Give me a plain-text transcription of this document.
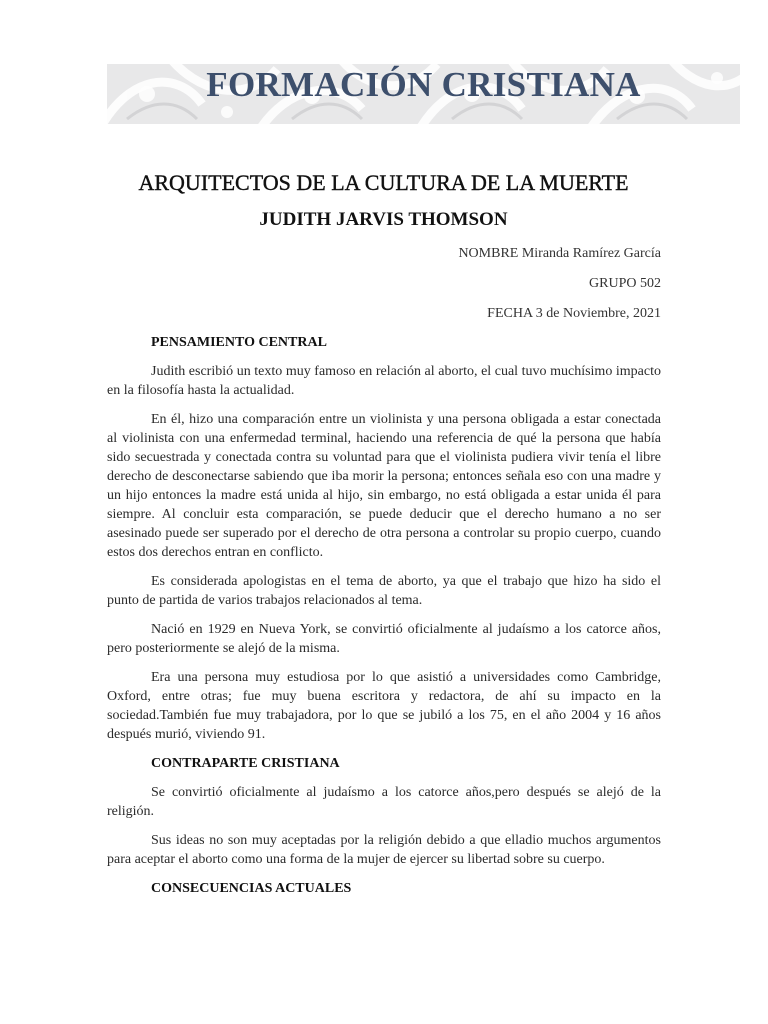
FORMACIÓN CRISTIANA
ARQUITECTOS DE LA CULTURA DE LA MUERTE
JUDITH JARVIS THOMSON
NOMBRE Miranda Ramírez García
GRUPO 502
FECHA 3 de Noviembre, 2021
PENSAMIENTO CENTRAL

Judith escribió un texto muy famoso en relación al aborto, el cual tuvo muchísimo impacto en la filosofía hasta la actualidad.

En él, hizo una comparación entre un violinista y una persona obligada a estar conectada al violinista con una enfermedad terminal, haciendo una referencia de qué la persona que había sido secuestrada y conectada contra su voluntad para que el violinista pudiera vivir tenía el libre derecho de desconectarse sabiendo que iba morir la persona; entonces señala eso con una madre y un hijo entonces la madre está unida al hijo, sin embargo, no está obligada a estar unida él para siempre. Al concluir esta comparación, se puede deducir que el derecho humano a no ser asesinado puede ser superado por el derecho de otra persona a controlar su propio cuerpo, cuando estos dos derechos entran en conflicto.

Es considerada apologistas en el tema de aborto, ya que el trabajo que hizo ha sido el punto de partida de varios trabajos relacionados al tema.

Nació en 1929 en Nueva York, se convirtió oficialmente al judaísmo a los catorce años, pero posteriormente se alejó de la misma.

Era una persona muy estudiosa por lo que asistió a universidades como Cambridge, Oxford, entre otras; fue muy buena escritora y redactora, de ahí su impacto en la sociedad.También fue muy trabajadora, por lo que se jubiló a los 75, en el año 2004 y 16 años después murió, viviendo 91.

CONTRAPARTE CRISTIANA

Se convirtió oficialmente al judaísmo a los catorce años,pero después se alejó de la religión.

Sus ideas no son muy aceptadas por la religión debido a que elladio muchos argumentos para aceptar el aborto como una forma de la mujer de ejercer su libertad sobre su cuerpo.

CONSECUENCIAS ACTUALES
